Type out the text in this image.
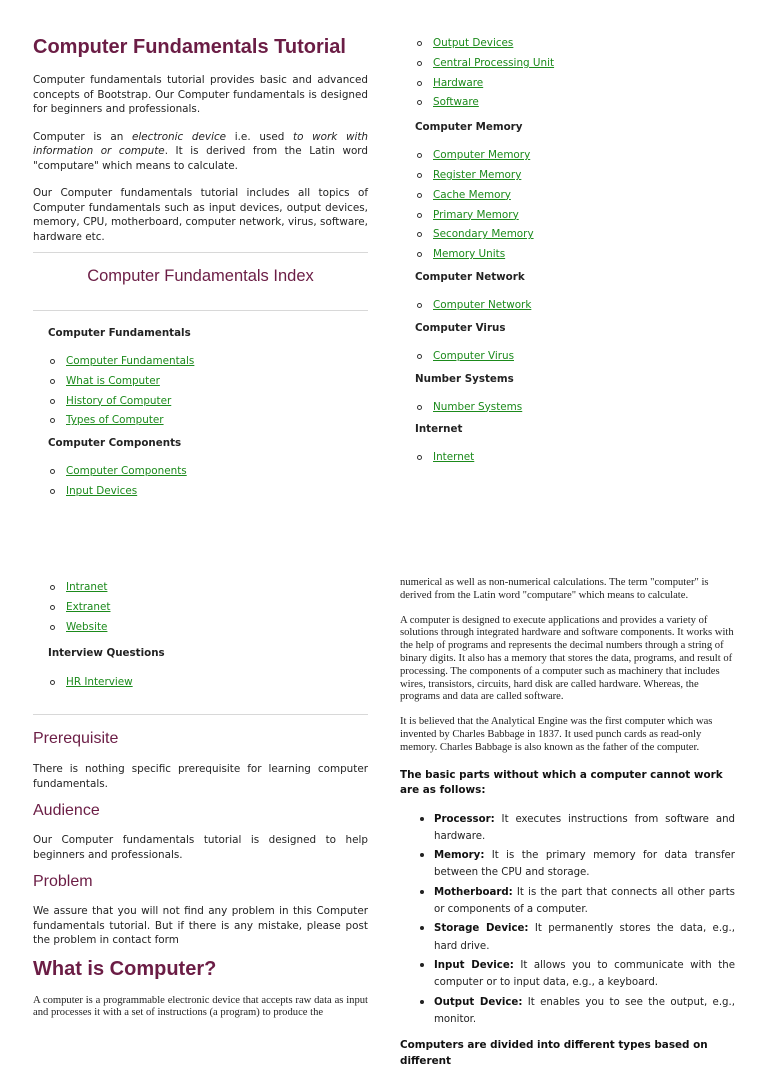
Computer Fundamentals Tutorial

Computer fundamentals tutorial provides basic and advanced concepts of Bootstrap. Our Computer fundamentals is designed for beginners and professionals.

Computer is an electronic device i.e. used to work with information or compute. It is derived from the Latin word "computare" which means to calculate.

Our Computer fundamentals tutorial includes all topics of Computer fundamentals such as input devices, output devices, memory, CPU, motherboard, computer network, virus, software, hardware etc.

Computer Fundamentals Index
Computer Fundamentals
Computer Fundamentals
What is Computer
History of Computer
Types of Computer
Computer Components
Computer Components
Input Devices
Output Devices
Central Processing Unit
Hardware
Software
Computer Memory
Computer Memory
Register Memory
Cache Memory
Primary Memory
Secondary Memory
Memory Units
Computer Network
Computer Network
Computer Virus
Computer Virus
Number Systems
Number Systems
Internet
Internet
Intranet
Extranet
Website
Interview Questions
HR Interview
Prerequisite

There is nothing specific prerequisite for learning computer fundamentals.

Audience

Our Computer fundamentals tutorial is designed to help beginners and professionals.

Problem

We assure that you will not find any problem in this Computer fundamentals tutorial. But if there is any mistake, please post the problem in contact form

What is Computer?

A computer is a programmable electronic device that accepts raw data as input and processes it with a set of instructions (a program) to produce the

numerical as well as non-numerical calculations. The term "computer" is derived from the Latin word "computare" which means to calculate.

A computer is designed to execute applications and provides a variety of solutions through integrated hardware and software components. It works with the help of programs and represents the decimal numbers through a string of binary digits. It also has a memory that stores the data, programs, and result of processing. The components of a computer such as machinery that includes wires, transistors, circuits, hard disk are called hardware. Whereas, the programs and data are called software.

It is believed that the Analytical Engine was the first computer which was invented by Charles Babbage in 1837. It used punch cards as read-only memory. Charles Babbage is also known as the father of the computer.

The basic parts without which a computer cannot work are as follows:

Processor: It executes instructions from software and hardware.
Memory: It is the primary memory for data transfer between the CPU and storage.
Motherboard: It is the part that connects all other parts or components of a computer.
Storage Device: It permanently stores the data, e.g., hard drive.
Input Device: It allows you to communicate with the computer or to input data, e.g., a keyboard.
Output Device: It enables you to see the output, e.g., monitor.

Computers are divided into different types based on different
